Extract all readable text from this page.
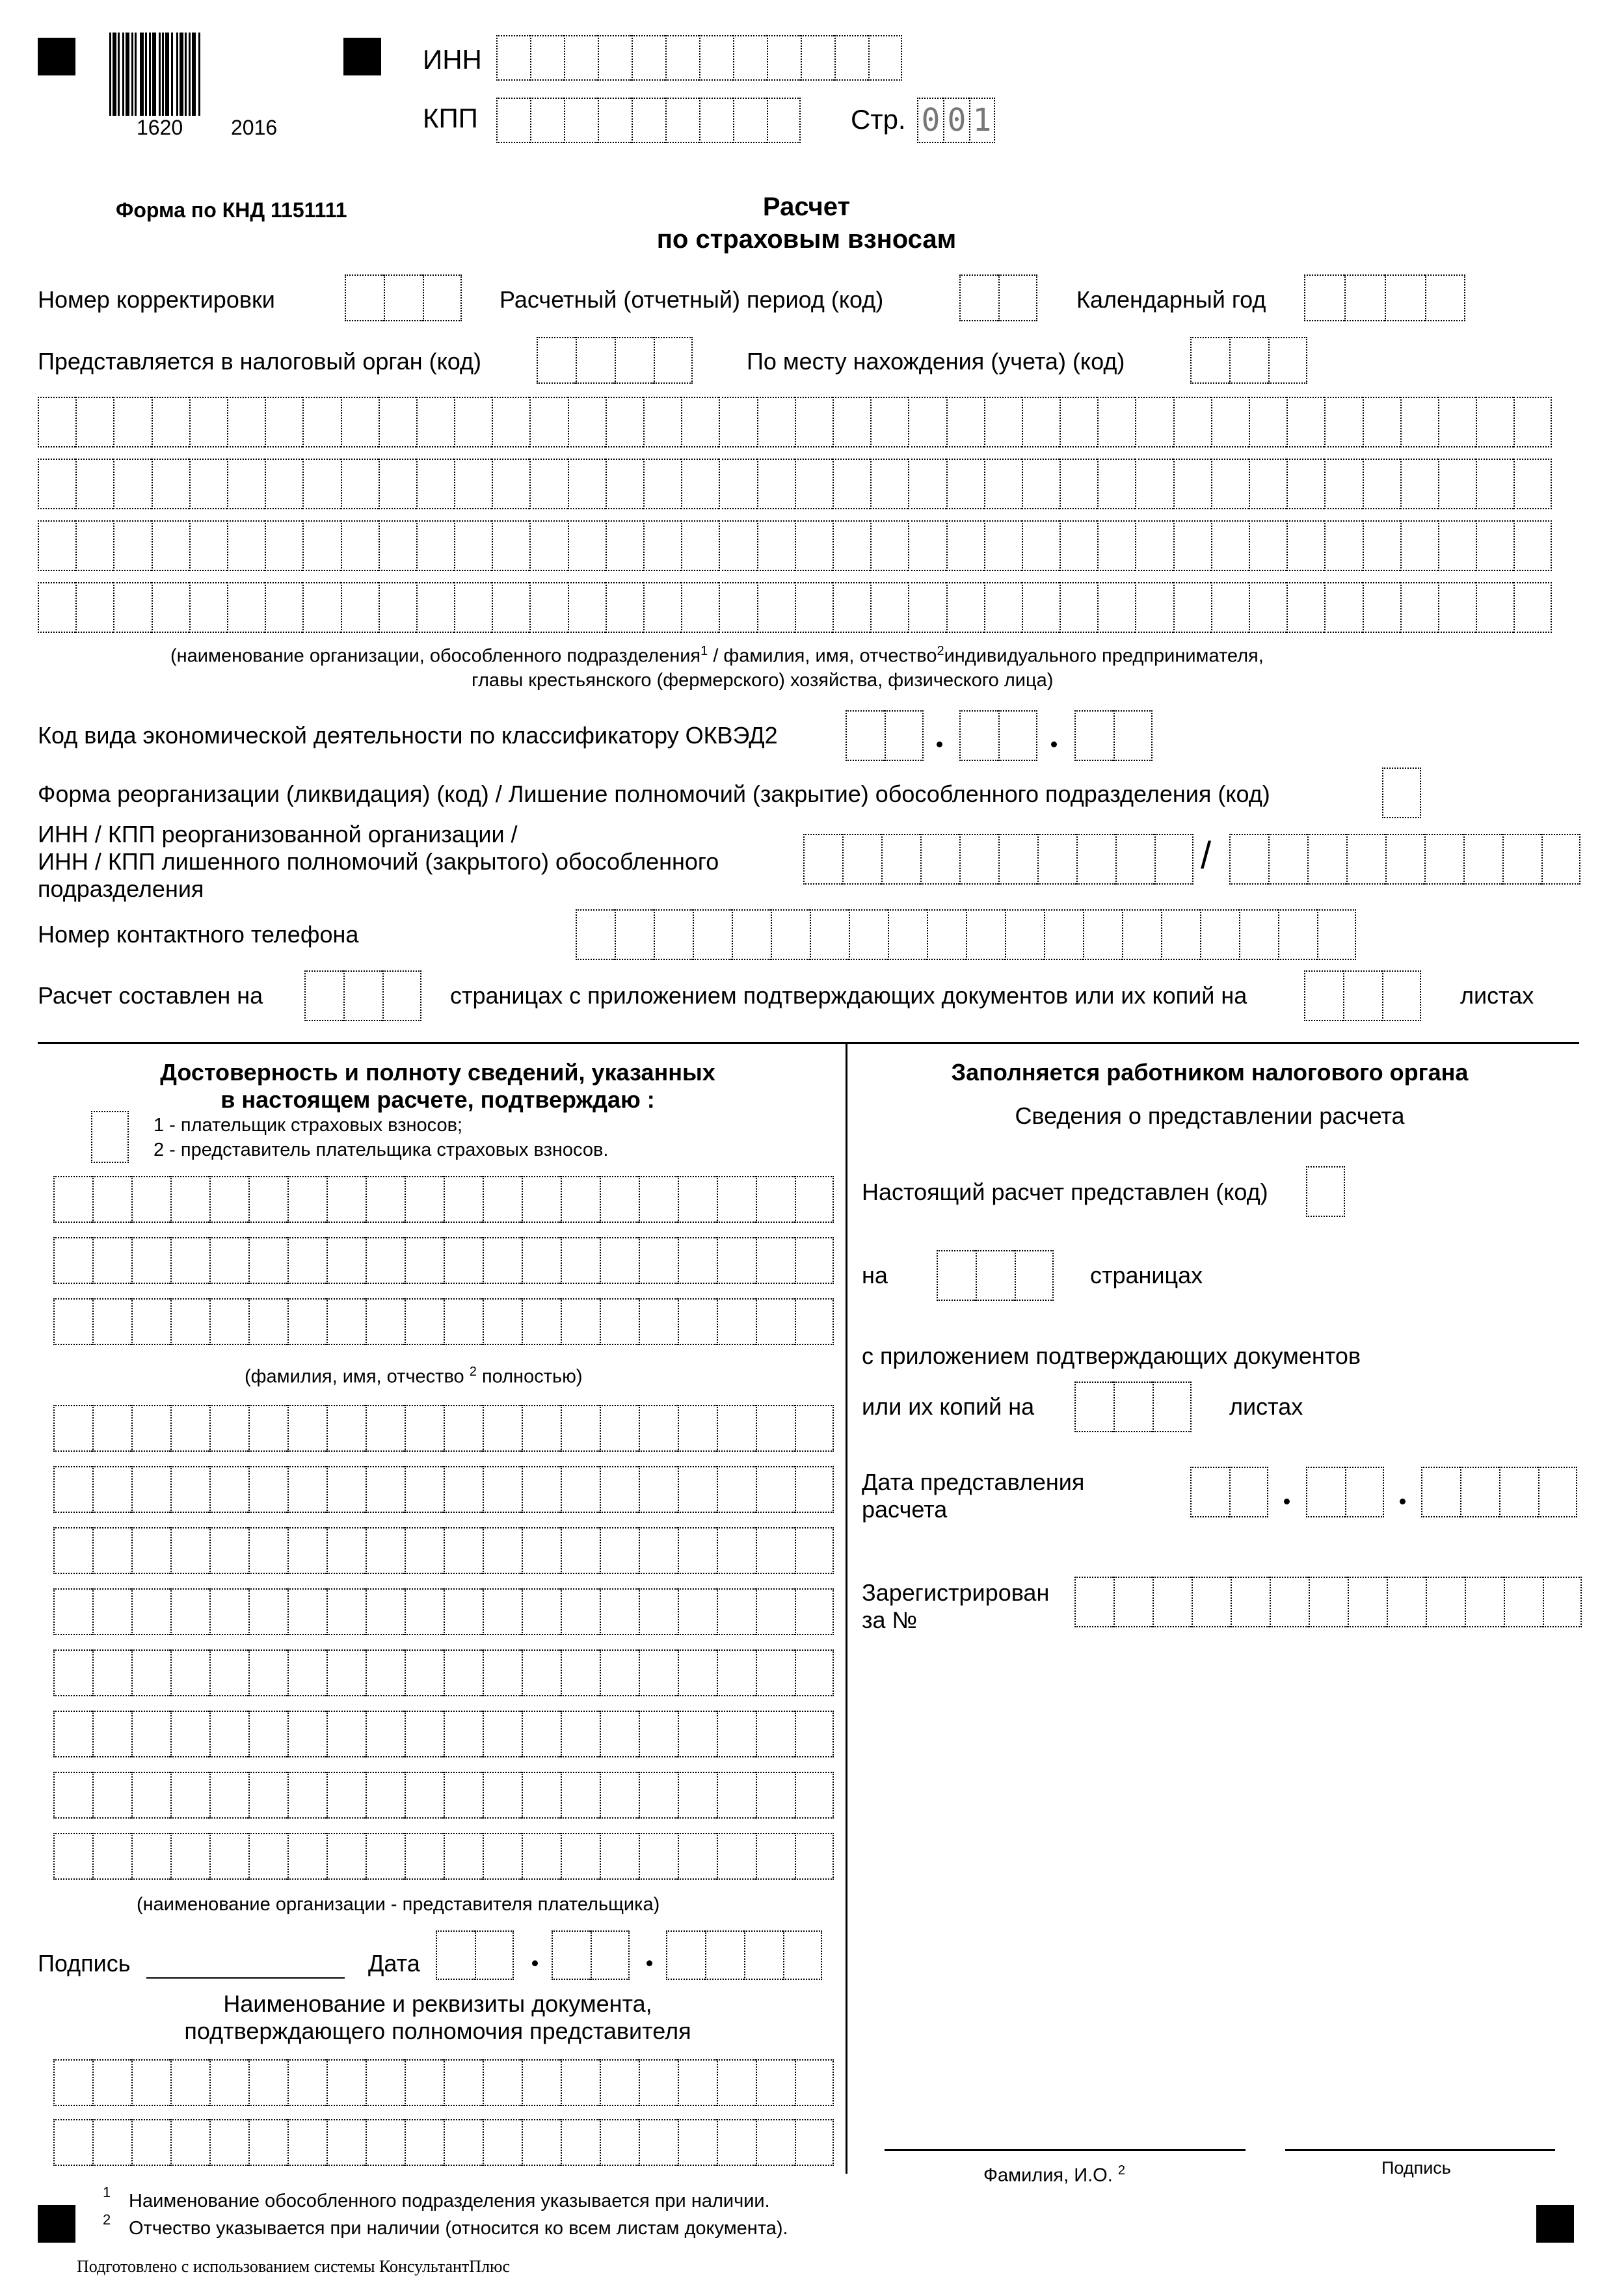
1620 2016
ИНН
КПП	Стр. 0 0 1
Форма по КНД 1151111	Расчет
по страховым взносам
Номер корректировки	Расчетный (отчетный) период (код)	Календарный год
Представляется в налоговый орган (код)	По месту нахождения (учета) (код)
(наименование организации, обособленного подразделения$^1$ / фамилия, имя, отчество$^2$индивидуального предпринимателя,
главы крестьянского (фермерского) хозяйства, физического лица)
Код вида экономической деятельности по классификатору ОКВЭД2
Форма реорганизации (ликвидация) (код) / Лишение полномочий (закрытие) обособленного подразделения (код)
ИНН / КПП реорганизованной организации /
ИНН / КПП лишенного полномочий (закрытого) обособленного
подразделения
/
Номер контактного телефона
Расчет составлен на	страницах с приложением подтверждающих документов или их копий на	листах
Достоверность и полноту сведений, указанных
в настоящем расчете, подтверждаю :
1 - плательщик страховых взносов;
2 - представитель плательщика страховых взносов.
(фамилия, имя, отчество $^2$ полностью)
(наименование организации - представителя плательщика)
Подпись	Дата
Наименование и реквизиты документа,
подтверждающего полномочия представителя
Заполняется работником налогового органа
Сведения о представлении расчета
Настоящий расчет представлен (код)
на	страницах
с приложением подтверждающих документов
или их копий на	листах
Дата представления
расчета
Зарегистрирован
за №
Фамилия, И.О. $^2$	Подпись
1 Наименование обособленного подразделения указывается при наличии.
2 Отчество указывается при наличии (относится ко всем листам документа).
Подготовлено с использованием системы КонсультантПлюс
